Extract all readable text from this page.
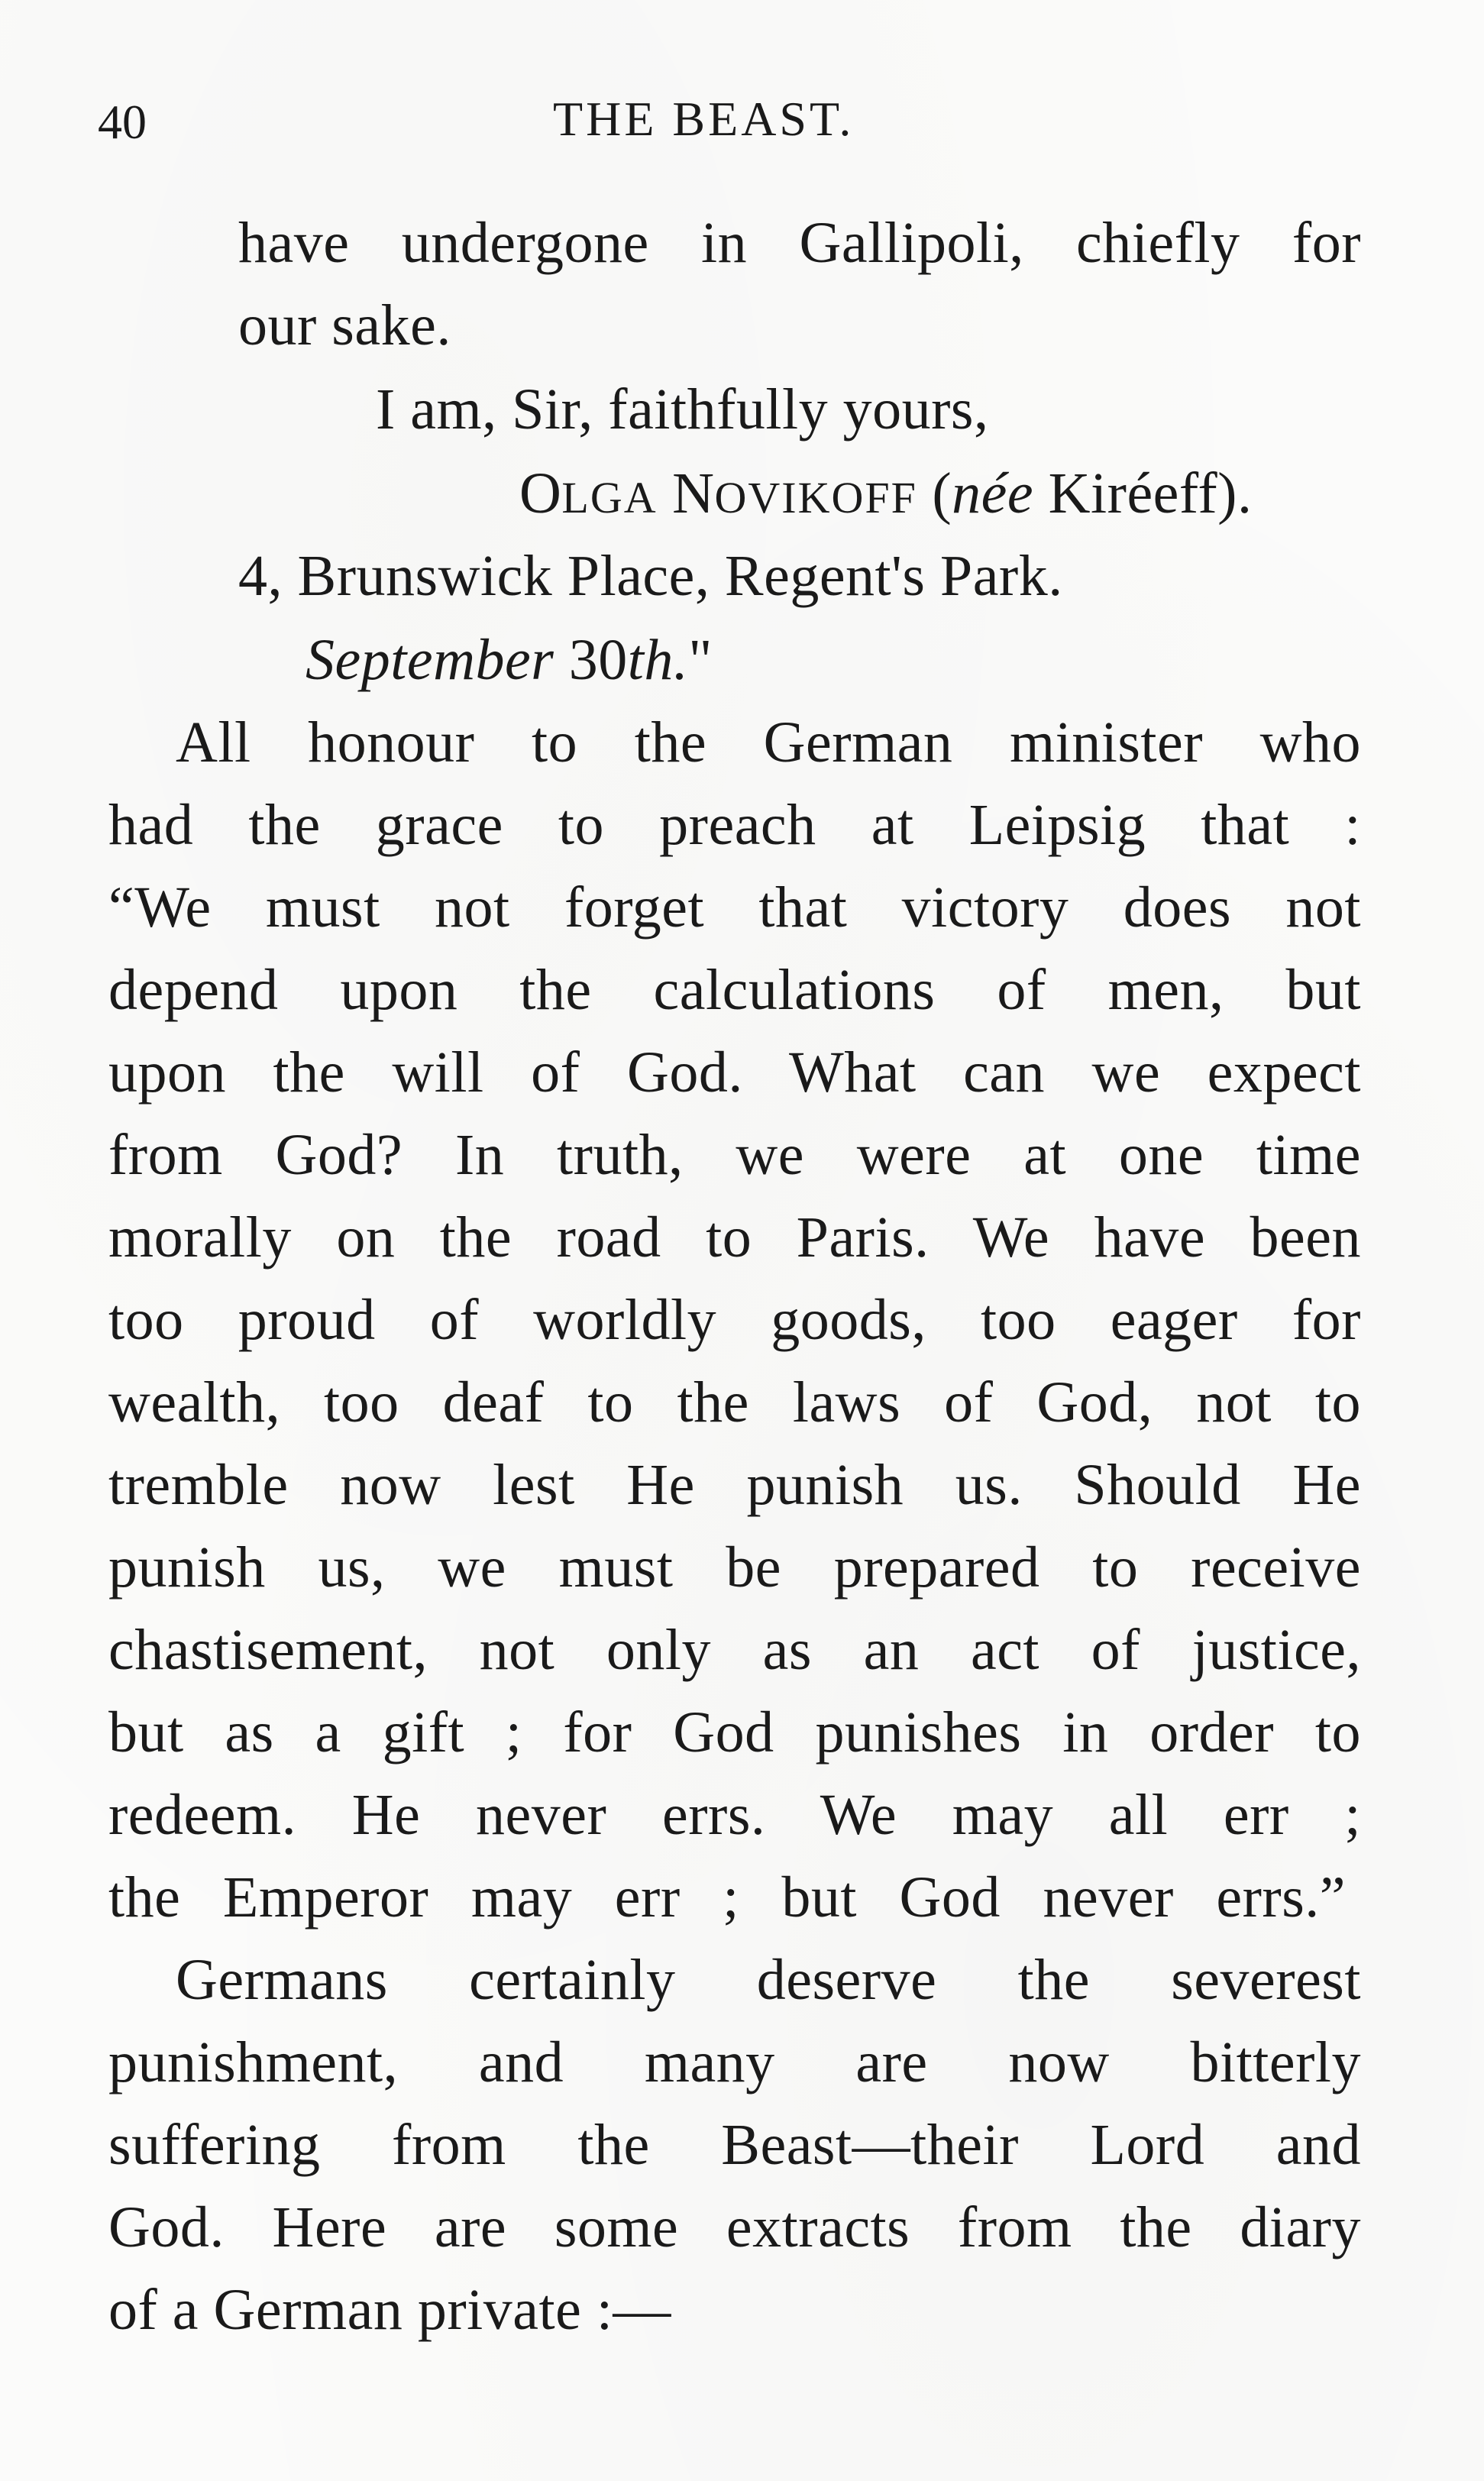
40	THE BEAST.
have undergone in Gallipoli, chiefly for
our sake.
I am, Sir, faithfully yours,
OLGA NOVIKOFF (née Kiréeff).
4, Brunswick Place, Regent's Park.
September 30th."
All honour to the German minister who
had the grace to preach at Leipsig that :
“We must not forget that victory does not
depend upon the calculations of men, but
upon the will of God. What can we expect
from God? In truth, we were at one time
morally on the road to Paris. We have been
too proud of worldly goods, too eager for
wealth, too deaf to the laws of God, not to
tremble now lest He punish us. Should He
punish us, we must be prepared to receive
chastisement, not only as an act of justice,
but as a gift ; for God punishes in order to
redeem. He never errs. We may all err ;
the Emperor may err ; but God never errs.”
Germans certainly deserve the severest
punishment, and many are now bitterly
suffering from the Beast—their Lord and
God. Here are some extracts from the diary
of a German private :—
